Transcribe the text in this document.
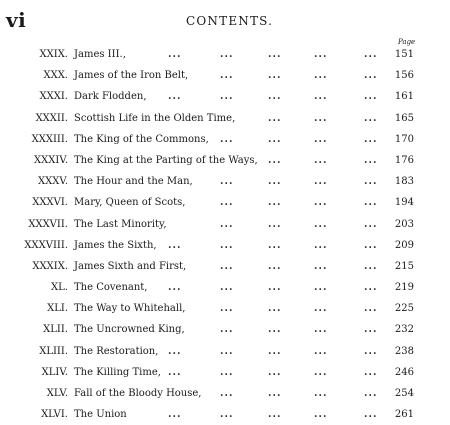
vi	CONTENTS.
Page
XXIX. James III.,	...	...	...	...	... 151
XXX. James of the Iron Belt,	...	...	...	... 156
XXXI. Dark Flodden, ...	...	...	...	... 161
XXXII. Scottish Life in the Olden Time,	...	...	... 165
XXXIII. The King of the Commons, ...	...	...	... 170
XXXIV. The King at the Parting of the Ways, ...	...	... 176
XXXV. The Hour and the Man,	...	...	...	... 183
XXXVI. Mary, Queen of Scots,	...	...	...	... 194
XXXVII. The Last Minority,	...	...	...	... 203
XXXVIII. James the Sixth, ...	...	...	...	... 209
XXXIX. James Sixth and First,	...	...	...	... 215
XL. The Covenant, ...	...	...	...	... 219
XLI. The Way to Whitehall,	...	...	...	... 225
XLII. The Uncrowned King,	...	...	...	... 232
XLIII. The Restoration, ...	...	...	...	... 238
XLIV. The Killing Time, ...	...	...	...	... 246
XLV. Fall of the Bloody House, ...	...	...	... 254
XLVI. The Union	...	...	...	...	... 261
